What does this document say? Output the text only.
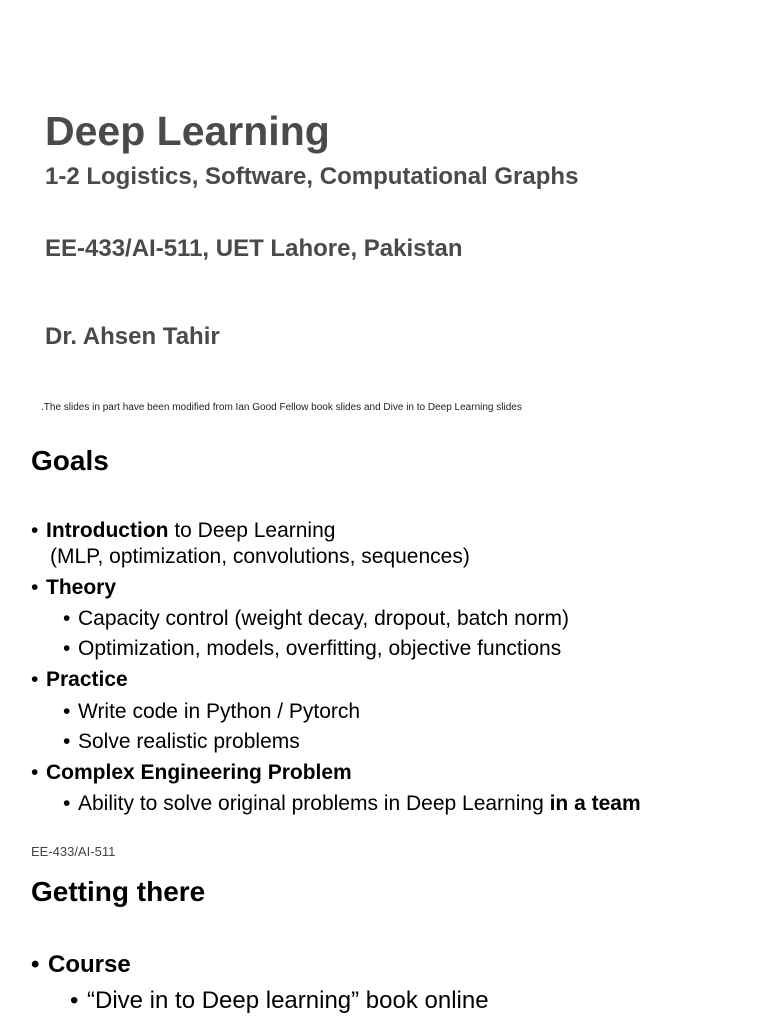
Deep Learning
1-2 Logistics, Software, Computational Graphs
EE-433/AI-511, UET Lahore, Pakistan
Dr. Ahsen Tahir
.The slides in part have been modified from Ian Good Fellow book slides and Dive in to Deep Learning slides
Goals
• Introduction to Deep Learning
(MLP, optimization, convolutions, sequences)
• Theory
• Capacity control (weight decay, dropout, batch norm)
• Optimization, models, overfitting, objective functions
• Practice
• Write code in Python / Pytorch
• Solve realistic problems
• Complex Engineering Problem
• Ability to solve original problems in Deep Learning in a team
EE-433/AI-511
Getting there
• Course
• “Dive in to Deep learning” book online
